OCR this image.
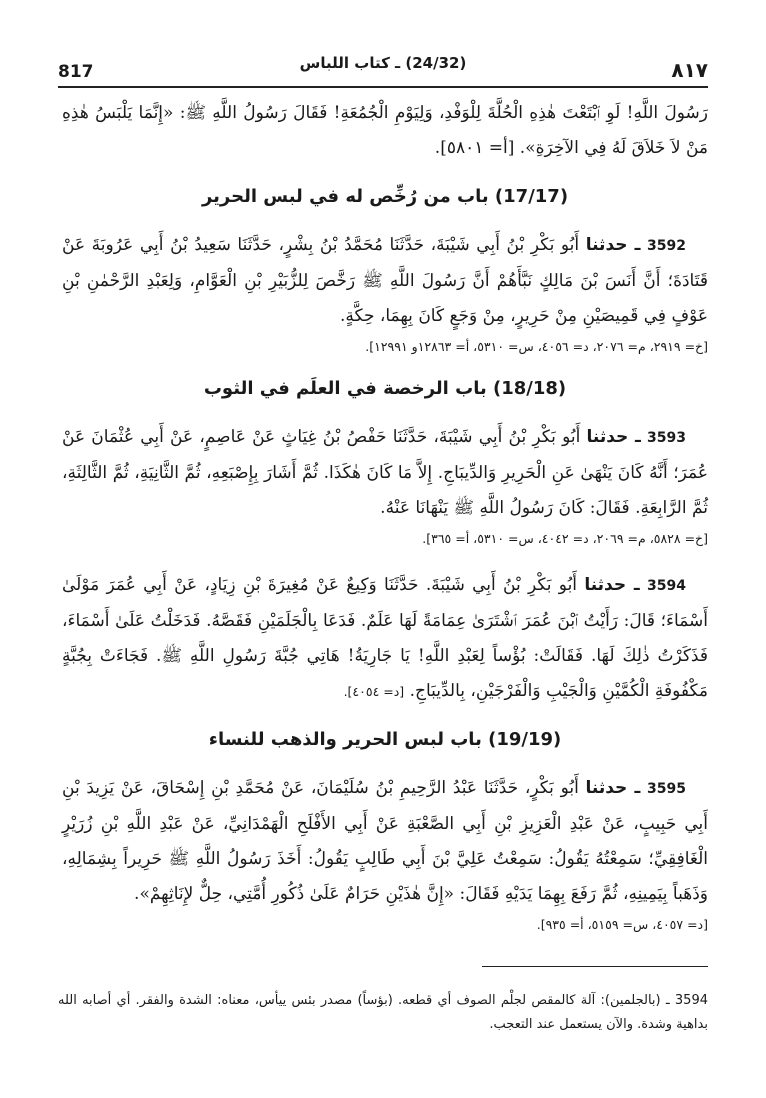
817	(24/32) ـ كتاب اللباس	٨١٧

رَسُولَ اللَّهِ! لَوِ ٱبْتَعْتَ هٰذِهِ الْحُلَّةَ لِلْوَفْدِ، وَلِيَوْمِ الْجُمُعَةِ! فَقَالَ رَسُولُ اللَّهِ ﷺ: «إِنَّمَا يَلْبَسُ هٰذِهِ مَنْ لاَ خَلاَقَ لَهُ فِي الآخِرَةِ». [أ= ٥٨٠١].

(17/17) باب من رُخِّص له في لبس الحرير

3592 ـ حدثنا أَبُو بَكْرِ بْنُ أَبِي شَيْبَةَ، حَدَّثَنَا مُحَمَّدُ بْنُ بِشْرٍ، حَدَّثَنَا سَعِيدُ بْنُ أَبِي عَرُوبَةَ عَنْ قَتَادَةَ؛ أَنَّ أَنَسَ بْنَ مَالِكٍ نَبَّأَهُمْ أَنَّ رَسُولَ اللَّهِ ﷺ رَخَّصَ لِلزُّبَيْرِ بْنِ الْعَوَّامِ، وَلِعَبْدِ الرَّحْمٰنِ بْنِ عَوْفٍ فِي قَمِيصَيْنِ مِنْ حَرِيرٍ، مِنْ وَجَعٍ كَانَ بِهِمَا، حِكَّةٍ.

[خ= ٢٩١٩، م= ٢٠٧٦، د= ٤٠٥٦، س= ٥٣١٠، أ= ١٢٨٦٣و ١٢٩٩١].

(18/18) باب الرخصة في العلَم في الثوب

3593 ـ حدثنا أَبُو بَكْرِ بْنُ أَبِي شَيْبَةَ، حَدَّثَنَا حَفْصُ بْنُ غِيَاثٍ عَنْ عَاصِمٍ، عَنْ أَبِي عُثْمَانَ عَنْ عُمَرَ؛ أَنَّهُ كَانَ يَنْهَىٰ عَنِ الْحَرِيرِ وَالدِّيبَاجِ. إِلاَّ مَا كَانَ هٰكَذَا. ثُمَّ أَشَارَ بِإِصْبَعِهِ، ثُمَّ الثَّانِيَةِ، ثُمَّ الثَّالِثَةِ، ثُمَّ الرَّابِعَةِ. فَقَالَ: كَانَ رَسُولُ اللَّهِ ﷺ يَنْهَانَا عَنْهُ.

[خ= ٥٨٢٨، م= ٢٠٦٩، د= ٤٠٤٢، س= ٥٣١٠، أ= ٣٦٥].

3594 ـ حدثنا أَبُو بَكْرِ بْنُ أَبِي شَيْبَةَ. حَدَّثَنَا وَكِيعٌ عَنْ مُغِيرَةَ بْنِ زِيَادٍ، عَنْ أَبِي عُمَرَ مَوْلَىٰ أَسْمَاءَ؛ قَالَ: رَأَيْتُ ٱبْنَ عُمَرَ ٱشْتَرَىٰ عِمَامَةً لَهَا عَلَمٌ. فَدَعَا بِالْجَلَمَيْنِ فَقَصَّهُ. فَدَخَلْتُ عَلَىٰ أَسْمَاءَ، فَذَكَرْتُ ذٰلِكَ لَهَا. فَقَالَتْ: بُؤْساً لِعَبْدِ اللَّهِ! يَا جَارِيَةُ! هَاتِي جُبَّةَ رَسُولِ اللَّهِ ﷺ. فَجَاءَتْ بِجُبَّةٍ مَكْفُوفَةِ الْكُمَّيْنِ وَالْجَيْبِ وَالْفَرْجَيْنِ، بِالدِّيبَاجِ. [د= ٤٠٥٤].

(19/19) باب لبس الحرير والذهب للنساء

3595 ـ حدثنا أَبُو بَكْرٍ، حَدَّثَنَا عَبْدُ الرَّحِيمِ بْنُ سُلَيْمَانَ، عَنْ مُحَمَّدِ بْنِ إِسْحَاقَ، عَنْ يَزِيدَ بْنِ أَبِي حَبِيبٍ، عَنْ عَبْدِ الْعَزِيزِ بْنِ أَبِي الصَّعْبَةِ عَنْ أَبِي الأَفْلَحِ الْهَمْدَانِيِّ، عَنْ عَبْدِ اللَّهِ بْنِ زُرَيْرٍ الْغَافِقِيِّ؛ سَمِعْتُهُ يَقُولُ: سَمِعْتُ عَلِيَّ بْنَ أَبِي طَالِبٍ يَقُولُ: أَخَذَ رَسُولُ اللَّهِ ﷺ حَرِيراً بِشِمَالِهِ، وَذَهَباً بِيَمِينِهِ، ثُمَّ رَفَعَ بِهِمَا يَدَيْهِ فَقَالَ: «إِنَّ هٰذَيْنِ حَرَامٌ عَلَىٰ ذُكُورِ أُمَّتِي، حِلٌّ لإِنَاثِهِمْ».

[د= ٤٠٥٧، س= ٥١٥٩، أ= ٩٣٥].

3594 ـ (بالجلمين): آلة كالمقص لجلْم الصوف أي قطعه. (بؤساً) مصدر بئس ييأس، معناه: الشدة والفقر. أي أصابه الله بداهية وشدة. والآن يستعمل عند التعجب.
